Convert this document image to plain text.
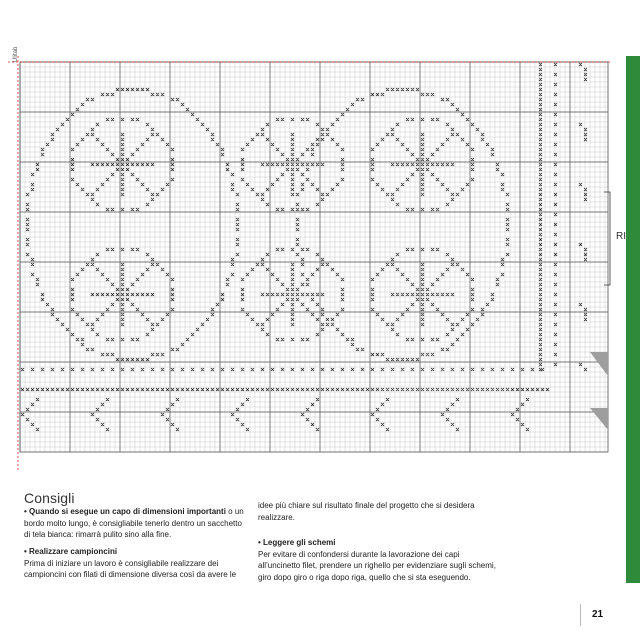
Ulitab
RI
Consigli

• Quando si esegue un capo di dimensioni importanti o un bordo molto lungo, è consigliabile tenerlo dentro un sacchetto di tela bianca: rimarrà pulito sino alla fine.

• Realizzare campioncini

Prima di iniziare un lavoro è consigliabile realizzare dei campioncini con filati di dimensione diversa così da avere le

idee più chiare sul risultato finale del progetto che si desidera realizzare.

• Leggere gli schemi

Per evitare di confondersi durante la lavorazione dei capi all’uncinetto filet, prendere un righello per evidenziare sugli schemi, giro dopo giro o riga dopo riga, quello che si sta eseguendo.

21
